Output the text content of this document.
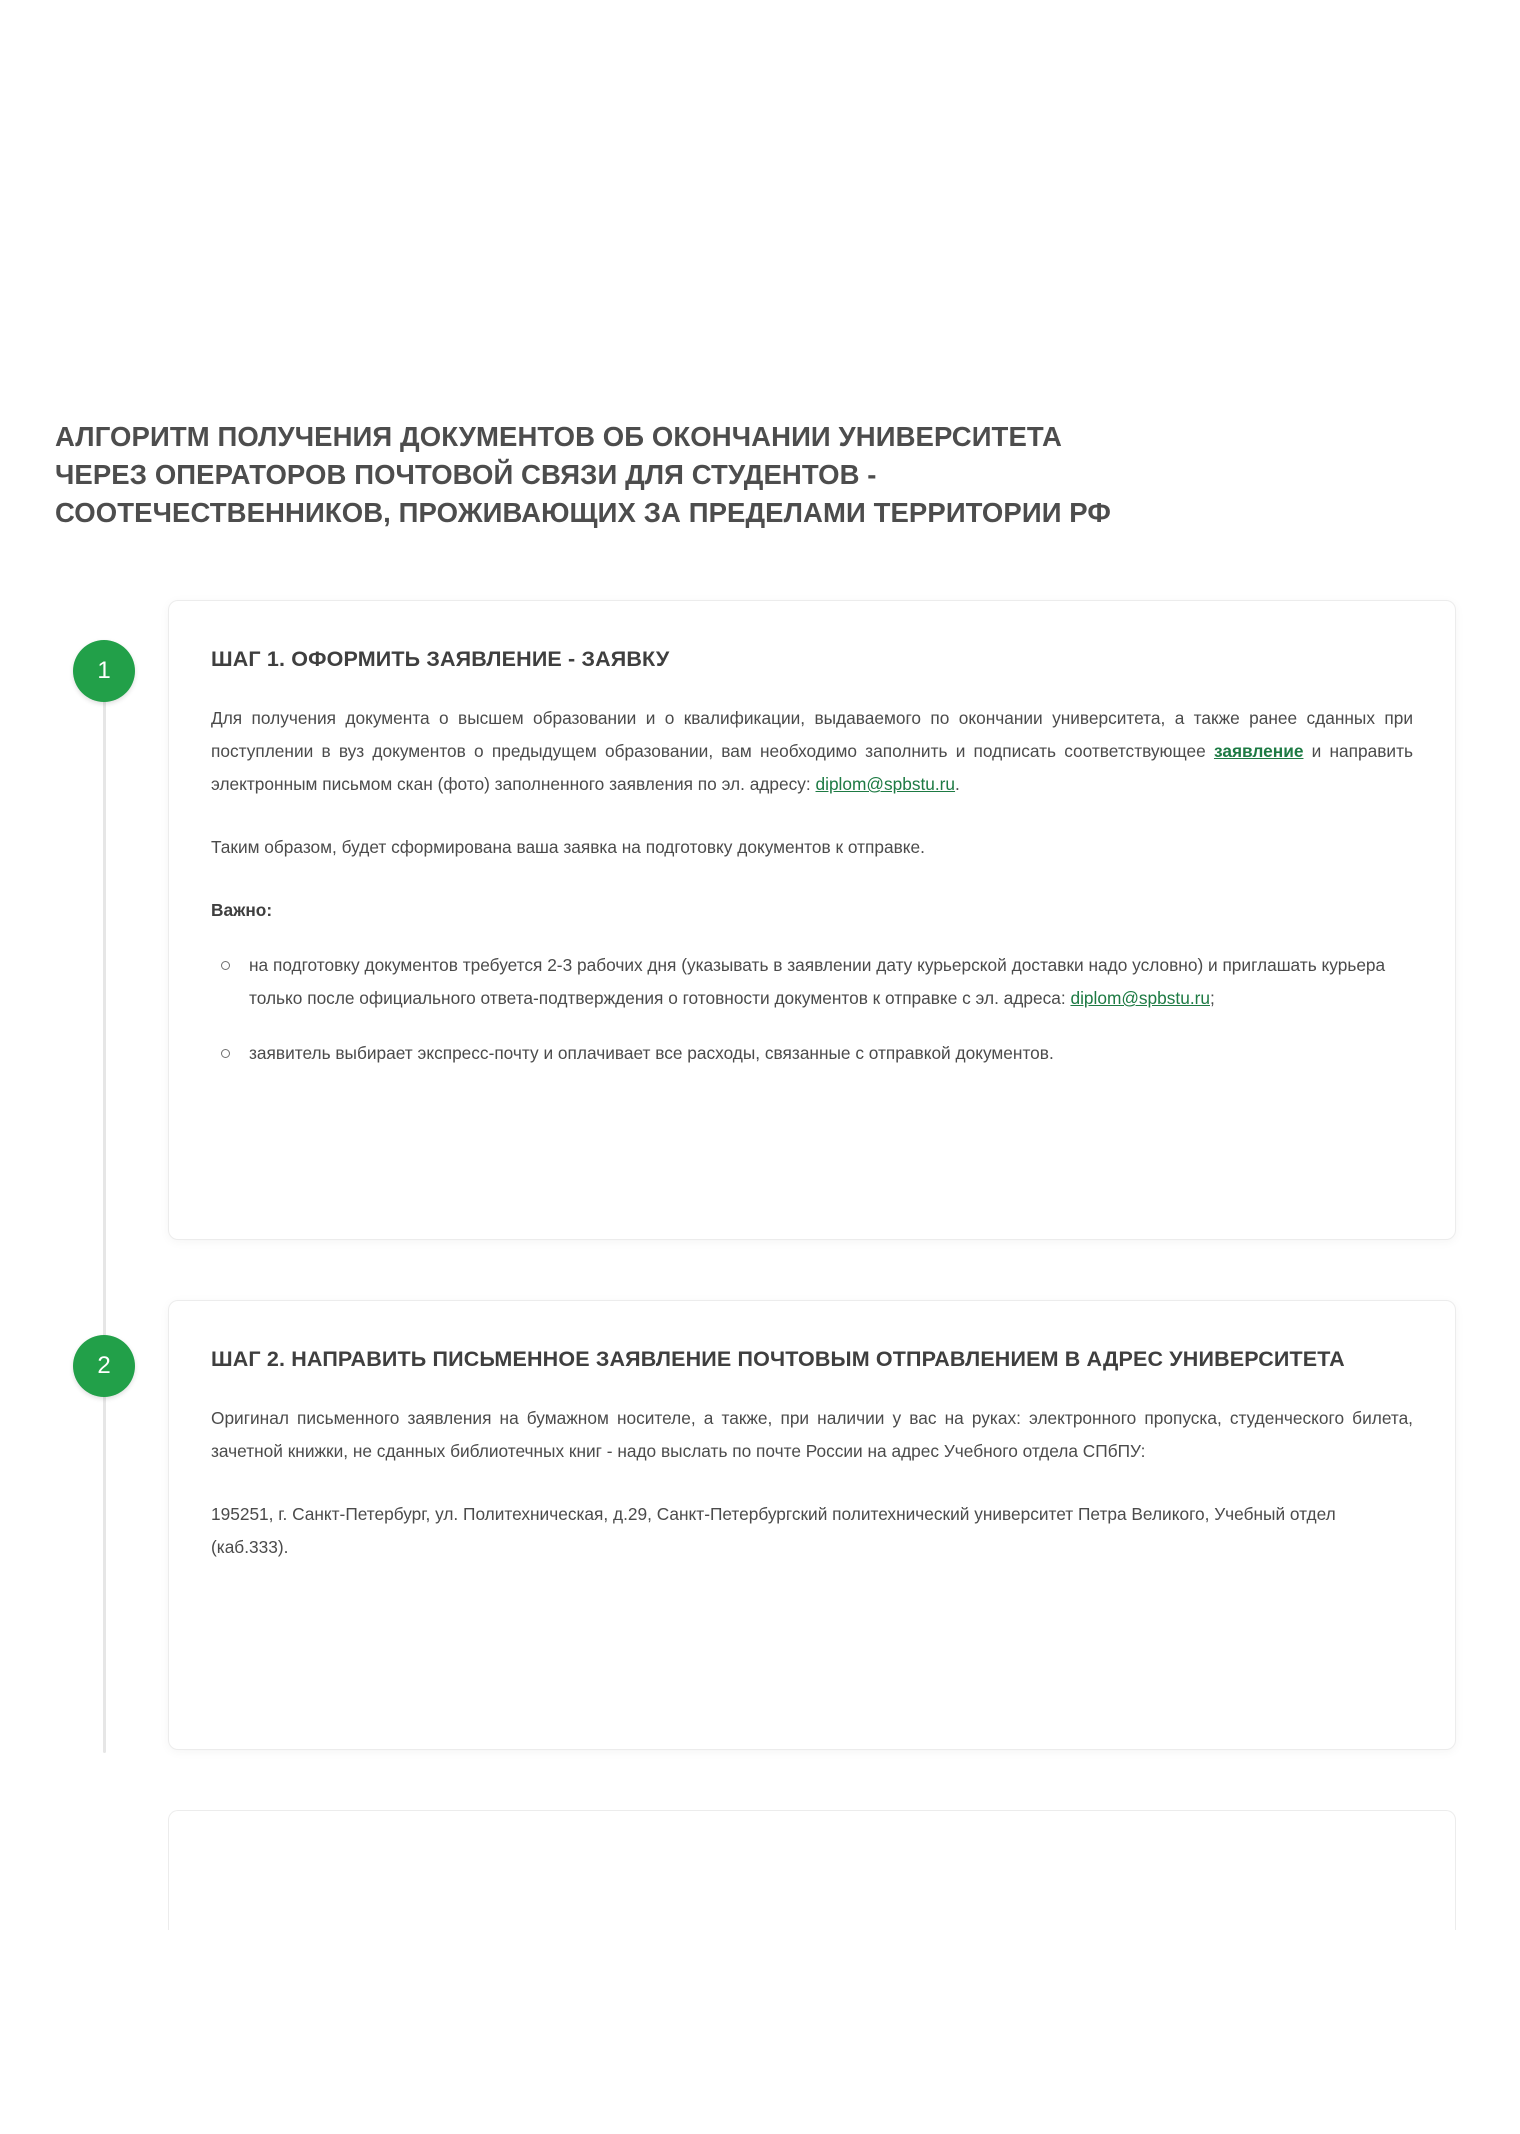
АЛГОРИТМ ПОЛУЧЕНИЯ ДОКУМЕНТОВ ОБ ОКОНЧАНИИ УНИВЕРСИТЕТА
ЧЕРЕЗ ОПЕРАТОРОВ ПОЧТОВОЙ СВЯЗИ ДЛЯ СТУДЕНТОВ -
СООТЕЧЕСТВЕННИКОВ, ПРОЖИВАЮЩИХ ЗА ПРЕДЕЛАМИ ТЕРРИТОРИИ РФ
1
2
ШАГ 1. ОФОРМИТЬ ЗАЯВЛЕНИЕ - ЗАЯВКУ

Для получения документа о высшем образовании и о квалификации, выдаваемого по окончании университета, а также ранее сданных при поступлении в вуз документов о предыдущем образовании, вам необходимо заполнить и подписать соответствующее заявление и направить электронным письмом скан (фото) заполненного заявления по эл. адресу: diplom@spbstu.ru.

Таким образом, будет сформирована ваша заявка на подготовку документов к отправке.

Важно:
на подготовку документов требуется 2-3 рабочих дня (указывать в заявлении дату курьерской доставки надо условно) и приглашать курьера только после официального ответа-подтверждения о готовности документов к отправке с эл. адреса: diplom@spbstu.ru;
заявитель выбирает экспресс-почту и оплачивает все расходы, связанные с отправкой документов.
ШАГ 2. НАПРАВИТЬ ПИСЬМЕННОЕ ЗАЯВЛЕНИЕ ПОЧТОВЫМ ОТПРАВЛЕНИЕМ В АДРЕС УНИВЕРСИТЕТА

Оригинал письменного заявления на бумажном носителе, а также, при наличии у вас на руках: электронного пропуска, студенческого билета, зачетной книжки, не сданных библиотечных книг - надо выслать по почте России на адрес Учебного отдела СПбПУ:

195251, г. Санкт-Петербург, ул. Политехническая, д.29, Санкт-Петербургский политехнический университет Петра Великого, Учебный отдел (каб.333).
